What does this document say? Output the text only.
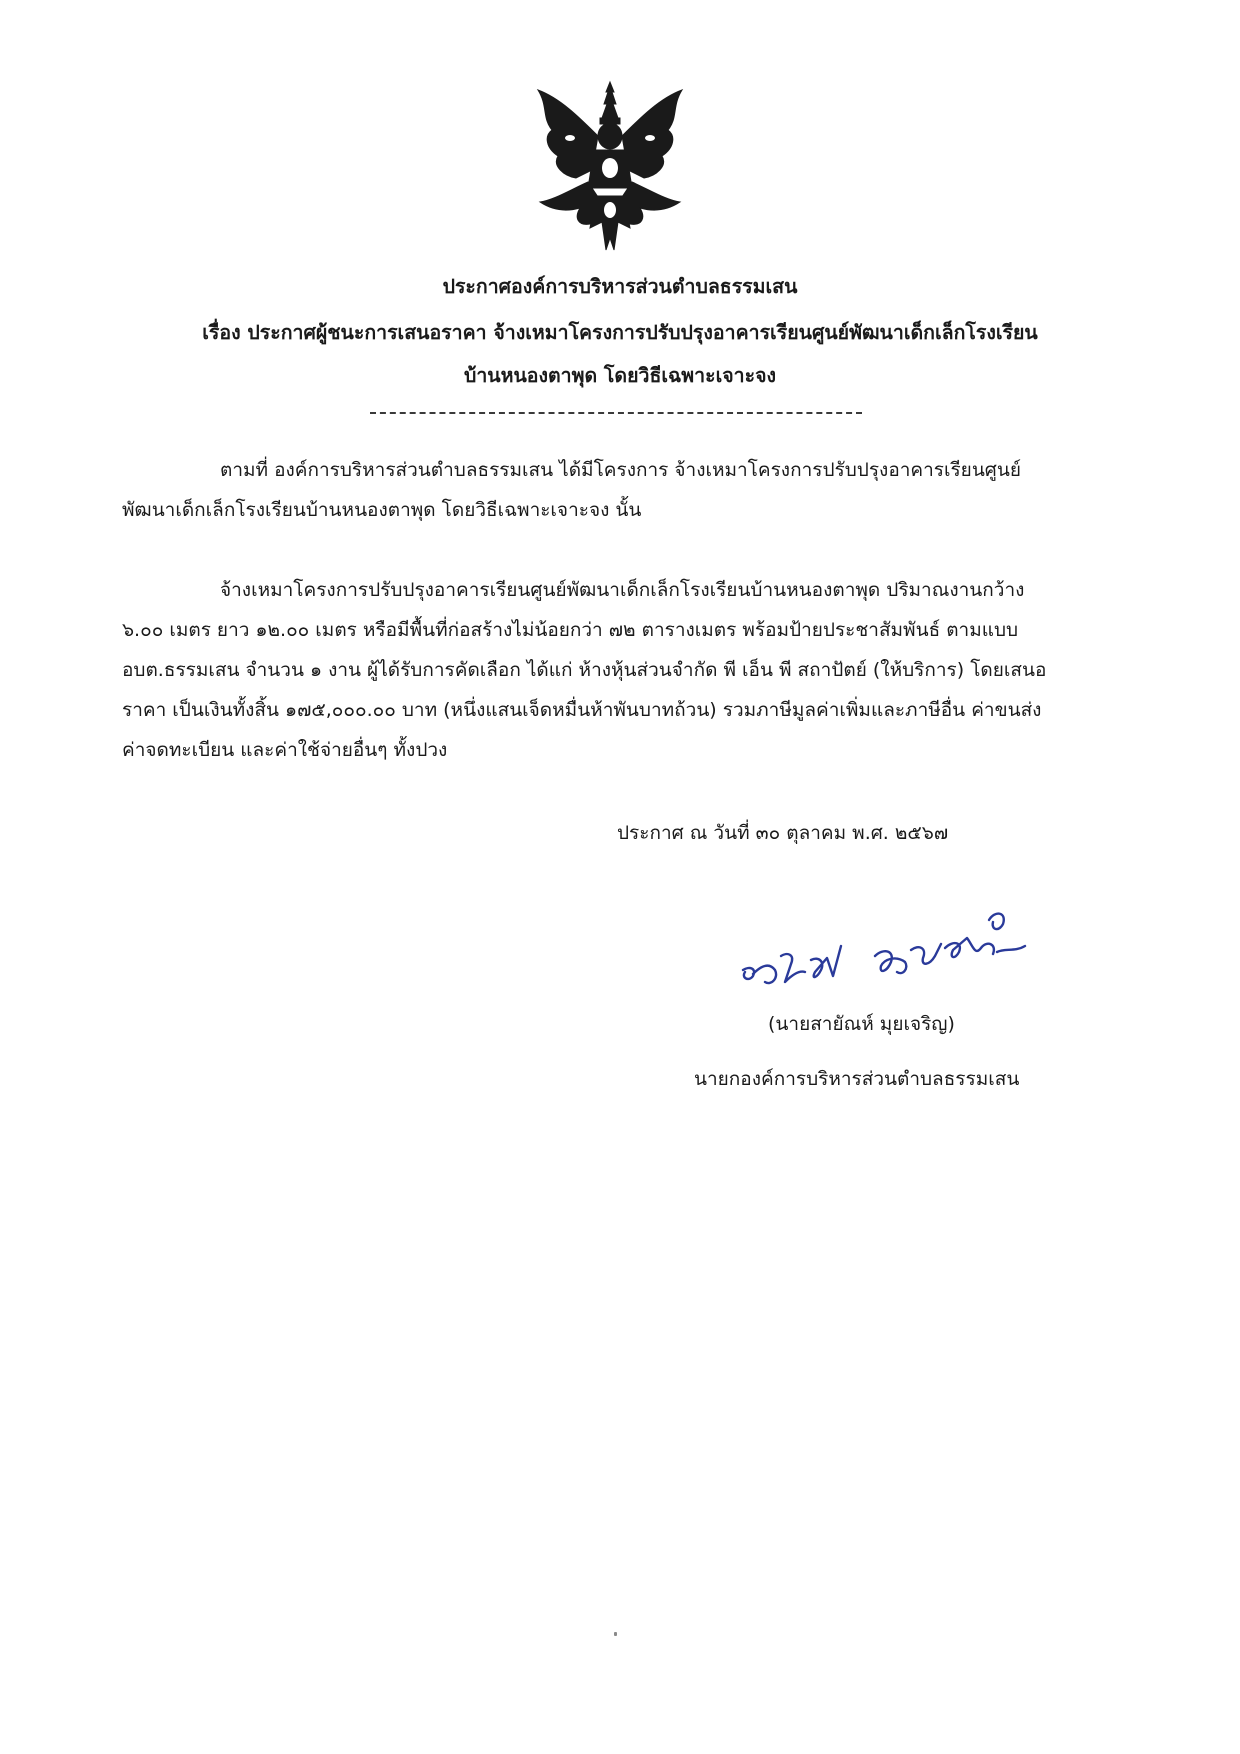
ประกาศองค์การบริหารส่วนตำบลธรรมเสน
เรื่อง ประกาศผู้ชนะการเสนอราคา จ้างเหมาโครงการปรับปรุงอาคารเรียนศูนย์พัฒนาเด็กเล็กโรงเรียน
บ้านหนองตาพุด โดยวิธีเฉพาะเจาะจง
ตามที่ องค์การบริหารส่วนตำบลธรรมเสน ได้มีโครงการ จ้างเหมาโครงการปรับปรุงอาคารเรียนศูนย์
พัฒนาเด็กเล็กโรงเรียนบ้านหนองตาพุด โดยวิธีเฉพาะเจาะจง นั้น
จ้างเหมาโครงการปรับปรุงอาคารเรียนศูนย์พัฒนาเด็กเล็กโรงเรียนบ้านหนองตาพุด ปริมาณงานกว้าง
๖.๐๐ เมตร ยาว ๑๒.๐๐ เมตร หรือมีพื้นที่ก่อสร้างไม่น้อยกว่า ๗๒ ตารางเมตร พร้อมป้ายประชาสัมพันธ์ ตามแบบ
อบต.ธรรมเสน จำนวน ๑ งาน ผู้ได้รับการคัดเลือก ได้แก่ ห้างหุ้นส่วนจำกัด พี เอ็น พี สถาปัตย์ (ให้บริการ) โดยเสนอ
ราคา เป็นเงินทั้งสิ้น ๑๗๕,๐๐๐.๐๐ บาท (หนึ่งแสนเจ็ดหมื่นห้าพันบาทถ้วน) รวมภาษีมูลค่าเพิ่มและภาษีอื่น ค่าขนส่ง
ค่าจดทะเบียน และค่าใช้จ่ายอื่นๆ ทั้งปวง
ประกาศ ณ วันที่ ๓๐ ตุลาคม พ.ศ. ๒๕๖๗
(นายสายัณห์ มุยเจริญ)
นายกองค์การบริหารส่วนตำบลธรรมเสน
